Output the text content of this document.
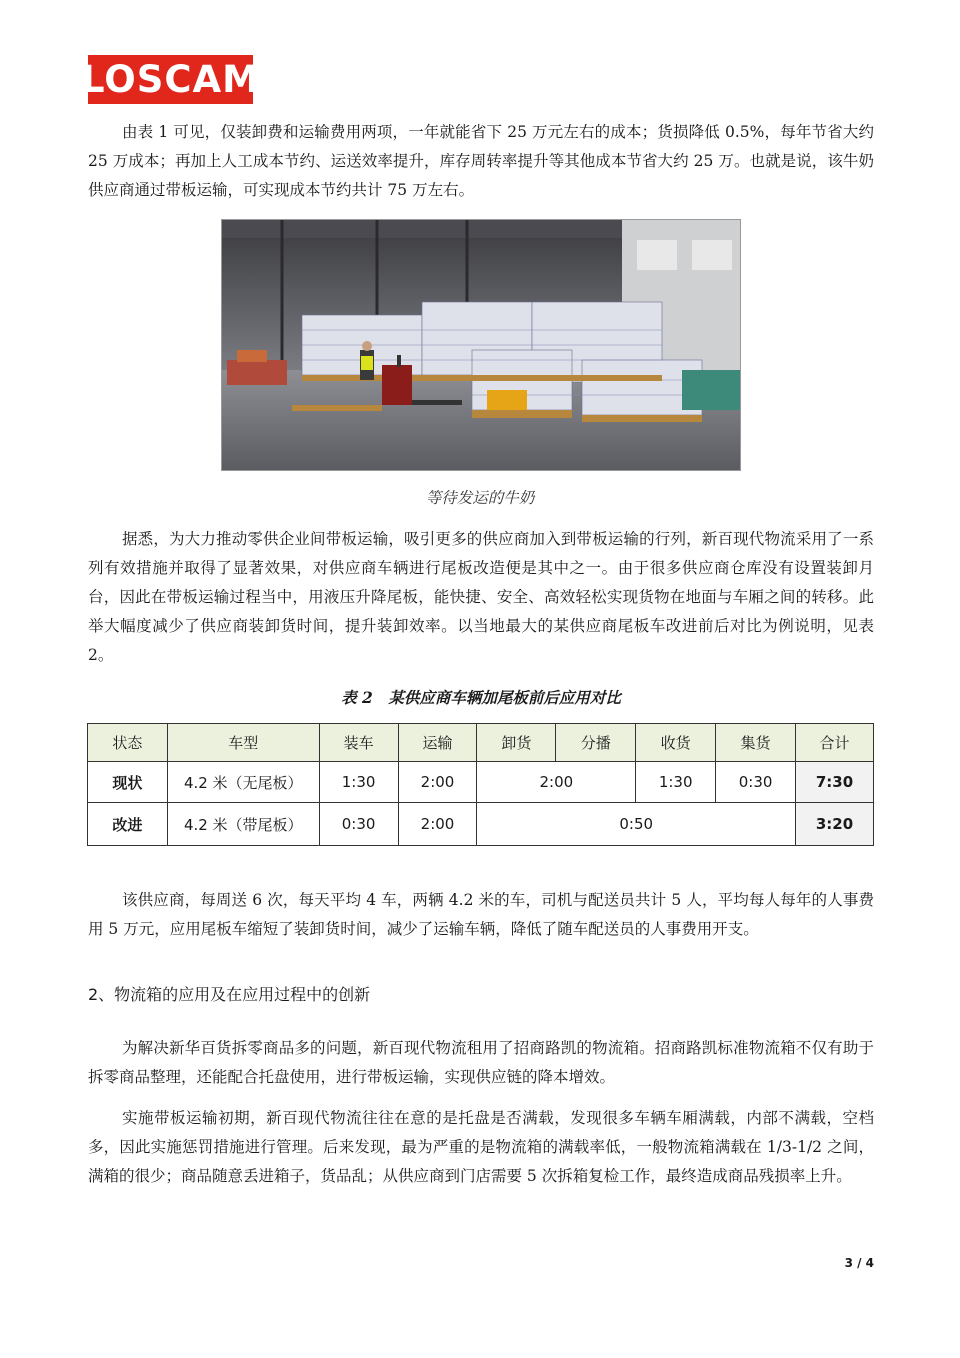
LOSCAM

由表 1 可见，仅装卸费和运输费用两项，一年就能省下 25 万元左右的成本；货损降低 0.5%，每年节省大约 25 万成本；再加上人工成本节约、运送效率提升，库存周转率提升等其他成本节省大约 25 万。也就是说，该牛奶供应商通过带板运输，可实现成本节约共计 75 万左右。

等待发运的牛奶

据悉，为大力推动零供企业间带板运输，吸引更多的供应商加入到带板运输的行列，新百现代物流采用了一系列有效措施并取得了显著效果，对供应商车辆进行尾板改造便是其中之一。由于很多供应商仓库没有设置装卸月台，因此在带板运输过程当中，用液压升降尾板，能快捷、安全、高效轻松实现货物在地面与车厢之间的转移。此举大幅度减少了供应商装卸货时间，提升装卸效率。以当地最大的某供应商尾板车改进前后对比为例说明，见表 2。

表 2　某供应商车辆加尾板前后应用对比
状态	车型	装车	运输	卸货	分播	收货	集货	合计
现状	4.2 米（无尾板）	1:30	2:00	2:00		1:30	0:30	7:30
改进	4.2 米（带尾板）	0:30	2:00	0:50				3:20

该供应商，每周送 6 次，每天平均 4 车，两辆 4.2 米的车，司机与配送员共计 5 人，平均每人每年的人事费用 5 万元，应用尾板车缩短了装卸货时间，减少了运输车辆，降低了随车配送员的人事费用开支。

2、物流箱的应用及在应用过程中的创新

为解决新华百货拆零商品多的问题，新百现代物流租用了招商路凯的物流箱。招商路凯标准物流箱不仅有助于拆零商品整理，还能配合托盘使用，进行带板运输，实现供应链的降本增效。

实施带板运输初期，新百现代物流往往在意的是托盘是否满载，发现很多车辆车厢满载，内部不满载，空档多，因此实施惩罚措施进行管理。后来发现，最为严重的是物流箱的满载率低，一般物流箱满载在 1/3-1/2 之间，满箱的很少；商品随意丢进箱子，货品乱；从供应商到门店需要 5 次拆箱复检工作，最终造成商品残损率上升。

3 / 4
